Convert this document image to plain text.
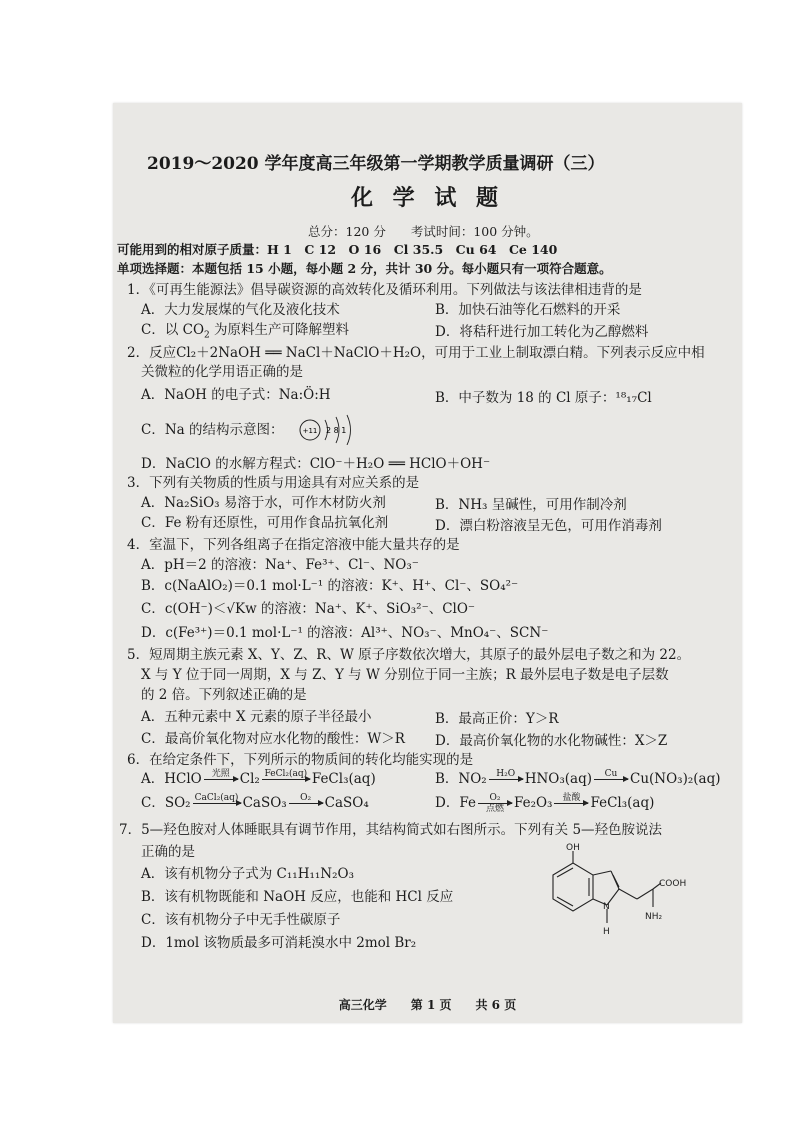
2019～2020 学年度高三年级第一学期教学质量调研（三）
化 学 试 题
总分：120 分　　考试时间：100 分钟。
可能用到的相对原子质量：H 1　C 12　O 16　Cl 35.5　Cu 64　Ce 140
单项选择题：本题包括 15 小题，每小题 2 分，共计 30 分。每小题只有一项符合题意。
1．《可再生能源法》倡导碳资源的高效转化及循环利用。下列做法与该法律相违背的是
A．大力发展煤的气化及液化技术	B．加快石油等化石燃料的开采
C．以 $CO_2$ 为原料生产可降解塑料	D．将秸秆进行加工转化为乙醇燃料
2．反应Cl₂＋2NaOH ══ NaCl＋NaClO＋H₂O，可用于工业上制取漂白精。下列表示反应中相
关微粒的化学用语正确的是
A．NaOH 的电子式：Na:Ö:H	B．中子数为 18 的 Cl 原子：¹⁸₁₇Cl
C．Na 的结构示意图：	+11 2 8 1
D．NaClO 的水解方程式：ClO⁻＋H₂O ══ HClO＋OH⁻
3．下列有关物质的性质与用途具有对应关系的是
A．Na₂SiO₃ 易溶于水，可作木材防火剂	B．NH₃ 呈碱性，可用作制冷剂
C．Fe 粉有还原性，可用作食品抗氧化剂	D．漂白粉溶液呈无色，可用作消毒剂
4．室温下，下列各组离子在指定溶液中能大量共存的是
A．pH＝2 的溶液：Na⁺、Fe³⁺、Cl⁻、NO₃⁻
B．c(NaAlO₂)＝0.1 mol·L⁻¹ 的溶液：K⁺、H⁺、Cl⁻、SO₄²⁻
C．c(OH⁻)＜√Kw 的溶液：Na⁺、K⁺、SiO₃²⁻、ClO⁻
D．c(Fe³⁺)＝0.1 mol·L⁻¹ 的溶液：Al³⁺、NO₃⁻、MnO₄⁻、SCN⁻
5．短周期主族元素 X、Y、Z、R、W 原子序数依次增大，其原子的最外层电子数之和为 22。
X 与 Y 位于同一周期，X 与 Z、Y 与 W 分别位于同一主族；R 最外层电子数是电子层数
的 2 倍。下列叙述正确的是
A．五种元素中 X 元素的原子半径最小	B．最高正价：Y＞R
C．最高价氧化物对应水化物的酸性：W＞R D．最高价氧化物的水化物碱性：X＞Z
6．在给定条件下，下列所示的物质间的转化均能实现的是
A．HClO	光照
Cl₂ FeCl₂(aq)
FeCl₃(aq)	B．NO₂	H₂O
HNO₃(aq)	Cu
Cu(NO₃)₂(aq)
C．SO₂ CaCl₂(aq)
CaSO₃	O₂
	CaSO₄	D．Fe	O₂
点燃 Fe₂O₃	盐酸
FeCl₃(aq)
7．5—羟色胺对人体睡眠具有调节作用，其结构简式如右图所示。下列有关 5—羟色胺说法
正确的是
A．该有机物分子式为 C₁₁H₁₁N₂O₃
B．该有机物既能和 NaOH 反应，也能和 HCl 反应
C．该有机物分子中无手性碳原子
D．1mol 该物质最多可消耗溴水中 2mol Br₂
OH
COOH
NH₂
N
H
高三化学　　第 1 页　　共 6 页
